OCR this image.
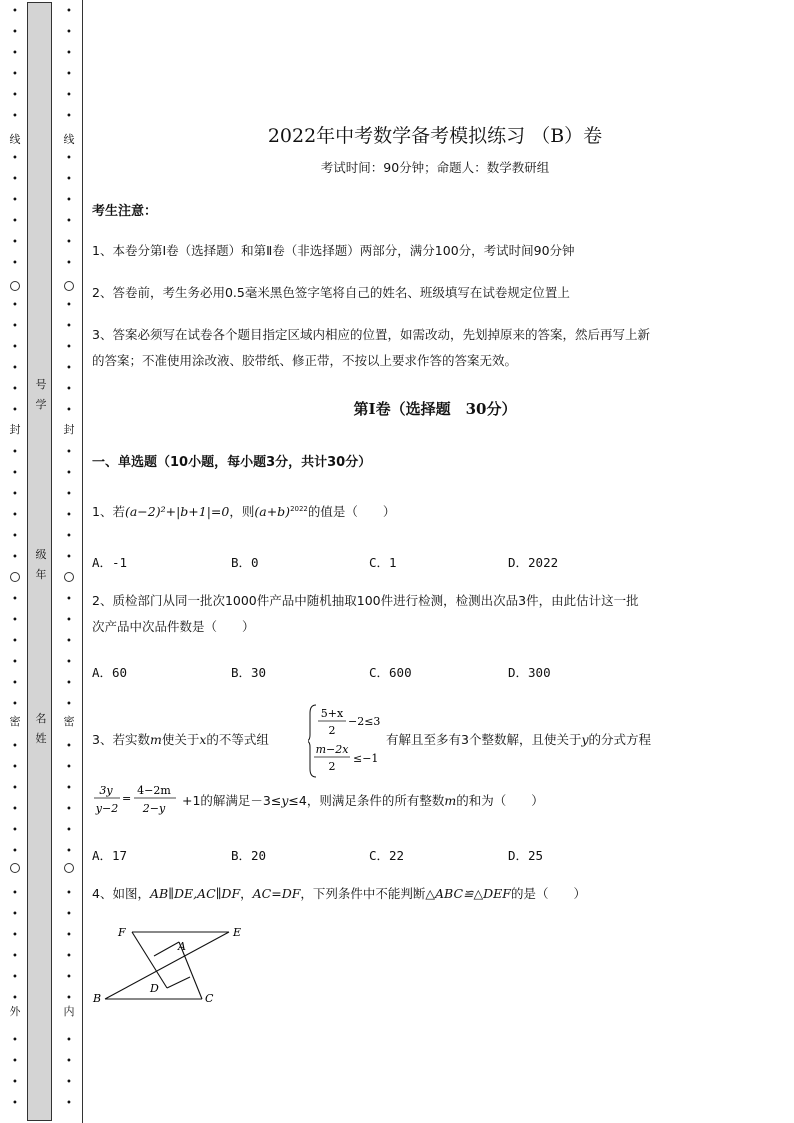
•
•
•
•
•
•
•
•
•
•
•
•
•
•
•
•
•
•
•
•
•
•
•
•
•
•
•
•
•
•
•
•
•
•
•
•
•
•
•
•
•
•
•
•
•
•
线
封
密
外
号学
级年
名姓
•
•
•
•
•
•
•
•
•
•
•
•
•
•
•
•
•
•
•
•
•
•
•
•
•
•
•
•
•
•
•
•
•
•
•
•
•
•
•
•
•
•
•
•
•
•
线
封
密
内
2022年中考数学备考模拟练习 （B）卷
考试时间：90分钟；命题人：数学教研组
考生注意：
1、本卷分第I卷（选择题）和第Ⅱ卷（非选择题）两部分，满分100分，考试时间90分钟
2、答卷前，考生务必用0.5毫米黑色签字笔将自己的姓名、班级填写在试卷规定位置上
3、答案必须写在试卷各个题目指定区域内相应的位置，如需改动，先划掉原来的答案，然后再写上新
的答案；不准使用涂改液、胶带纸、修正带，不按以上要求作答的答案无效。
第I卷（选择题　30分）
一、单选题（10小题，每小题3分，共计30分）
1、若(a−2)²+|b+1|=0，则$(a+b)^{2022}$的值是（　　）
A．-1	B．0	C．1	D．2022
2、质检部门从同一批次1000件产品中随机抽取100件进行检测，检测出次品3件，由此估计这一批
次产品中次品件数是（　　）
A．60	B．30	C．600	D．300
3、若实数m使关于x的不等式组
5+x
2
−2≤3
m−2x
2
≤−1
有解且至多有3个整数解，且使关于y的分式方程
3y
y−2
=
4−2m
2−y
+1的解满足－3≤y≤4，则满足条件的所有整数m的和为（　　）
A．17	B．20	C．22	D．25
4、如图，AB∥DE,AC∥DF，AC=DF，下列条件中不能判断△ABC≌△DEF的是（　　）
F	E
A
D
B	C
